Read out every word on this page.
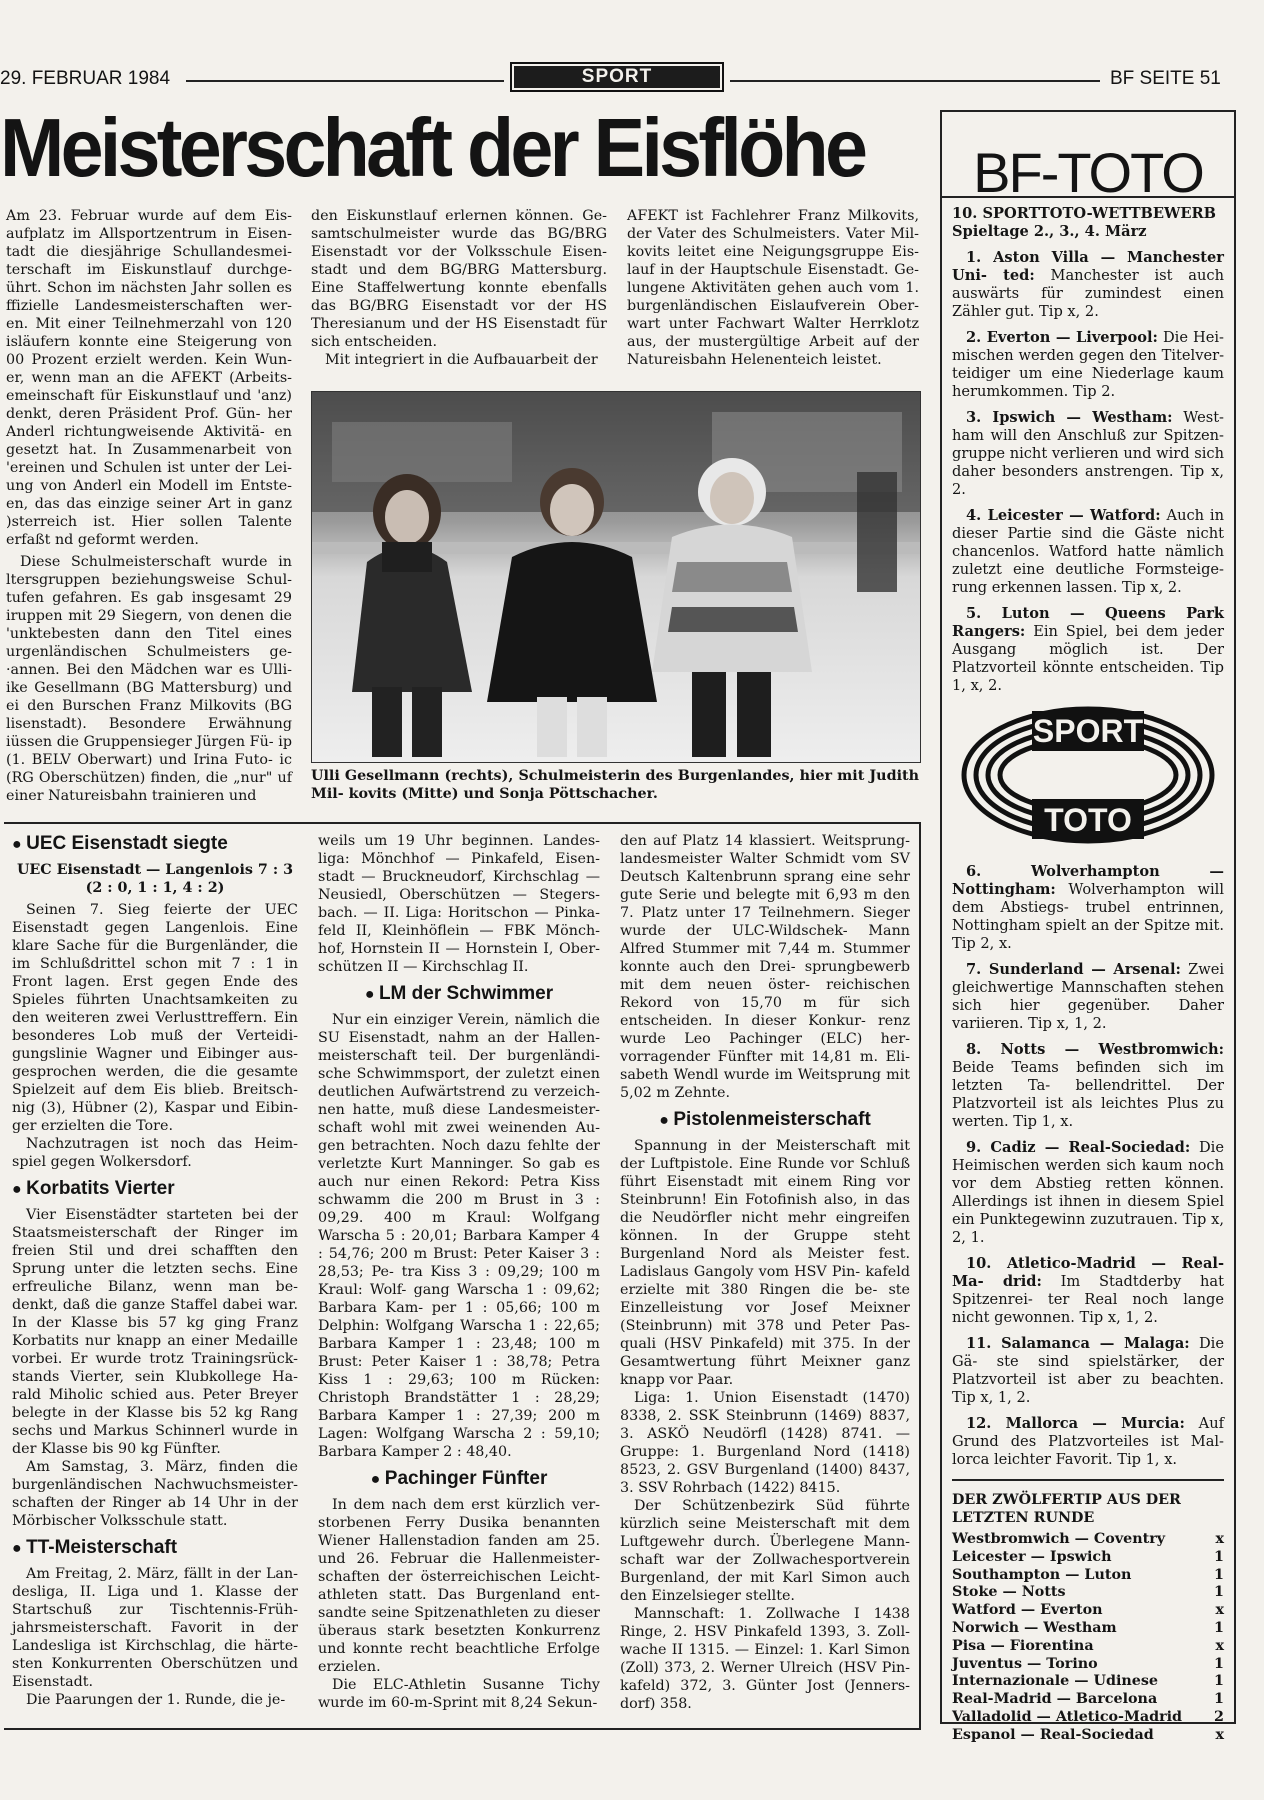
29. FEBRUAR 1984	SPORT	BF SEITE 51
Meisterschaft der Eisflöhe

Am 23. Februar wurde auf dem Eis- aufplatz im Allsportzentrum in Eisen- tadt die diesjährige Schullandesmei- terschaft im Eiskunstlauf durchge- ührt. Schon im nächsten Jahr sollen es ffizielle Landesmeisterschaften wer- en. Mit einer Teilnehmerzahl von 120 isläufern konnte eine Steigerung von 00 Prozent erzielt werden. Kein Wun- er, wenn man an die AFEKT (Arbeits- emeinschaft für Eiskunstlauf und 'anz) denkt, deren Präsident Prof. Gün- her Anderl richtungweisende Aktivitä- en gesetzt hat. In Zusammenarbeit von 'ereinen und Schulen ist unter der Lei- ung von Anderl ein Modell im Entste- en, das das einzige seiner Art in ganz )sterreich ist. Hier sollen Talente erfaßt nd geformt werden.

Diese Schulmeisterschaft wurde in ltersgruppen beziehungsweise Schul- tufen gefahren. Es gab insgesamt 29 iruppen mit 29 Siegern, von denen die 'unktebesten dann den Titel eines urgenländischen Schulmeisters ge- ·annen. Bei den Mädchen war es Ulli- ike Gesellmann (BG Mattersburg) und ei den Burschen Franz Milkovits (BG lisenstadt). Besondere Erwähnung iüssen die Gruppensieger Jürgen Fü- ip (1. BELV Oberwart) und Irina Futo- ic (RG Oberschützen) finden, die „nur" uf einer Natureisbahn trainieren und

den Eiskunstlauf erlernen können. Ge- samtschulmeister wurde das BG/BRG Eisenstadt vor der Volksschule Eisen- stadt und dem BG/BRG Mattersburg. Eine Staffelwertung konnte ebenfalls das BG/BRG Eisenstadt vor der HS Theresianum und der HS Eisenstadt für sich entscheiden.

Mit integriert in die Aufbauarbeit der

AFEKT ist Fachlehrer Franz Milkovits, der Vater des Schulmeisters. Vater Mil- kovits leitet eine Neigungsgruppe Eis- lauf in der Hauptschule Eisenstadt. Ge- lungene Aktivitäten gehen auch vom 1. burgenländischen Eislaufverein Ober- wart unter Fachwart Walter Herrklotz aus, der mustergültige Arbeit auf der Natureisbahn Helenenteich leistet.

Ulli Gesellmann (rechts), Schulmeisterin des Burgenlandes, hier mit Judith Mil- kovits (Mitte) und Sonja Pöttschacher.
● UEC Eisenstadt siegte

UEC Eisenstadt — Langenlois 7 : 3 (2 : 0, 1 : 1, 4 : 2)

Seinen 7. Sieg feierte der UEC Eisenstadt gegen Langenlois. Eine klare Sache für die Burgenländer, die im Schlußdrittel schon mit 7 : 1 in Front lagen. Erst gegen Ende des Spieles führten Unachtsamkeiten zu den weiteren zwei Verlusttreffern. Ein besonderes Lob muß der Verteidi- gungslinie Wagner und Eibinger aus- gesprochen werden, die die gesamte Spielzeit auf dem Eis blieb. Breitsch- nig (3), Hübner (2), Kaspar und Eibin- ger erzielten die Tore.

Nachzutragen ist noch das Heim- spiel gegen Wolkersdorf.

● Korbatits Vierter

Vier Eisenstädter starteten bei der Staatsmeisterschaft der Ringer im freien Stil und drei schafften den Sprung unter die letzten sechs. Eine erfreuliche Bilanz, wenn man be- denkt, daß die ganze Staffel dabei war. In der Klasse bis 57 kg ging Franz Korbatits nur knapp an einer Medaille vorbei. Er wurde trotz Trainingsrück- stands Vierter, sein Klubkollege Ha- rald Miholic schied aus. Peter Breyer belegte in der Klasse bis 52 kg Rang sechs und Markus Schinnerl wurde in der Klasse bis 90 kg Fünfter.

Am Samstag, 3. März, finden die burgenländischen Nachwuchsmeister- schaften der Ringer ab 14 Uhr in der Mörbischer Volksschule statt.

● TT-Meisterschaft

Am Freitag, 2. März, fällt in der Lan- desliga, II. Liga und 1. Klasse der Startschuß zur Tischtennis-Früh- jahrsmeisterschaft. Favorit in der Landesliga ist Kirchschlag, die härte- sten Konkurrenten Oberschützen und Eisenstadt.

Die Paarungen der 1. Runde, die je-

weils um 19 Uhr beginnen. Landes- liga: Mönchhof — Pinkafeld, Eisen- stadt — Bruckneudorf, Kirchschlag — Neusiedl, Oberschützen — Stegers- bach. — II. Liga: Horitschon — Pinka- feld II, Kleinhöflein — FBK Mönch- hof, Hornstein II — Hornstein I, Ober- schützen II — Kirchschlag II.

● LM der Schwimmer

Nur ein einziger Verein, nämlich die SU Eisenstadt, nahm an der Hallen- meisterschaft teil. Der burgenländi- sche Schwimmsport, der zuletzt einen deutlichen Aufwärtstrend zu verzeich- nen hatte, muß diese Landesmeister- schaft wohl mit zwei weinenden Au- gen betrachten. Noch dazu fehlte der verletzte Kurt Manninger. So gab es auch nur einen Rekord: Petra Kiss schwamm die 200 m Brust in 3 : 09,29. 400 m Kraul: Wolfgang Warscha 5 : 20,01; Barbara Kamper 4 : 54,76; 200 m Brust: Peter Kaiser 3 : 28,53; Pe- tra Kiss 3 : 09,29; 100 m Kraul: Wolf- gang Warscha 1 : 09,62; Barbara Kam- per 1 : 05,66; 100 m Delphin: Wolfgang Warscha 1 : 22,65; Barbara Kamper 1 : 23,48; 100 m Brust: Peter Kaiser 1 : 38,78; Petra Kiss 1 : 29,63; 100 m Rücken: Christoph Brandstätter 1 : 28,29; Barbara Kamper 1 : 27,39; 200 m Lagen: Wolfgang Warscha 2 : 59,10; Barbara Kamper 2 : 48,40.

● Pachinger Fünfter

In dem nach dem erst kürzlich ver- storbenen Ferry Dusika benannten Wiener Hallenstadion fanden am 25. und 26. Februar die Hallenmeister- schaften der österreichischen Leicht- athleten statt. Das Burgenland ent- sandte seine Spitzenathleten zu dieser überaus stark besetzten Konkurrenz und konnte recht beachtliche Erfolge erzielen.

Die ELC-Athletin Susanne Tichy wurde im 60-m-Sprint mit 8,24 Sekun-

den auf Platz 14 klassiert. Weitsprung- landesmeister Walter Schmidt vom SV Deutsch Kaltenbrunn sprang eine sehr gute Serie und belegte mit 6,93 m den 7. Platz unter 17 Teilnehmern. Sieger wurde der ULC-Wildschek- Mann Alfred Stummer mit 7,44 m. Stummer konnte auch den Drei- sprungbewerb mit dem neuen öster- reichischen Rekord von 15,70 m für sich entscheiden. In dieser Konkur- renz wurde Leo Pachinger (ELC) her- vorragender Fünfter mit 14,81 m. Eli- sabeth Wendl wurde im Weitsprung mit 5,02 m Zehnte.

● Pistolenmeisterschaft

Spannung in der Meisterschaft mit der Luftpistole. Eine Runde vor Schluß führt Eisenstadt mit einem Ring vor Steinbrunn! Ein Fotofinish also, in das die Neudörfler nicht mehr eingreifen können. In der Gruppe steht Burgenland Nord als Meister fest. Ladislaus Gangoly vom HSV Pin- kafeld erzielte mit 380 Ringen die be- ste Einzelleistung vor Josef Meixner (Steinbrunn) mit 378 und Peter Pas- quali (HSV Pinkafeld) mit 375. In der Gesamtwertung führt Meixner ganz knapp vor Paar.

Liga: 1. Union Eisenstadt (1470) 8338, 2. SSK Steinbrunn (1469) 8837, 3. ASKÖ Neudörfl (1428) 8741. — Gruppe: 1. Burgenland Nord (1418) 8523, 2. GSV Burgenland (1400) 8437, 3. SSV Rohrbach (1422) 8415.

Der Schützenbezirk Süd führte kürzlich seine Meisterschaft mit dem Luftgewehr durch. Überlegene Mann- schaft war der Zollwachesportverein Burgenland, der mit Karl Simon auch den Einzelsieger stellte.

Mannschaft: 1. Zollwache I 1438 Ringe, 2. HSV Pinkafeld 1393, 3. Zoll- wache II 1315. — Einzel: 1. Karl Simon (Zoll) 373, 2. Werner Ulreich (HSV Pin- kafeld) 372, 3. Günter Jost (Jenners- dorf) 358.

BF-TOTO
10. SPORTTOTO-WETTBEWERB
Spieltage 2., 3., 4. März

1. Aston Villa — Manchester Uni- ted: Manchester ist auch auswärts für zumindest einen Zähler gut. Tip x, 2.

2. Everton — Liverpool: Die Hei- mischen werden gegen den Titelver- teidiger um eine Niederlage kaum herumkommen. Tip 2.

3. Ipswich — Westham: West- ham will den Anschluß zur Spitzen- gruppe nicht verlieren und wird sich daher besonders anstrengen. Tip x, 2.

4. Leicester — Watford: Auch in dieser Partie sind die Gäste nicht chancenlos. Watford hatte nämlich zuletzt eine deutliche Formsteige- rung erkennen lassen. Tip x, 2.

5. Luton — Queens Park Rangers: Ein Spiel, bei dem jeder Ausgang möglich ist. Der Platzvorteil könnte entscheiden. Tip 1, x, 2.

SPORT
TOTO

6. Wolverhampton — Nottingham: Wolverhampton will dem Abstiegs- trubel entrinnen, Nottingham spielt an der Spitze mit. Tip 2, x.

7. Sunderland — Arsenal: Zwei gleichwertige Mannschaften stehen sich hier gegenüber. Daher variieren. Tip x, 1, 2.

8. Notts — Westbromwich: Beide Teams befinden sich im letzten Ta- bellendrittel. Der Platzvorteil ist als leichtes Plus zu werten. Tip 1, x.

9. Cadiz — Real-Sociedad: Die Heimischen werden sich kaum noch vor dem Abstieg retten können. Allerdings ist ihnen in diesem Spiel ein Punktegewinn zuzutrauen. Tip x, 2, 1.

10. Atletico-Madrid — Real-Ma- drid: Im Stadtderby hat Spitzenrei- ter Real noch lange nicht gewonnen. Tip x, 1, 2.

11. Salamanca — Malaga: Die Gä- ste sind spielstärker, der Platzvorteil ist aber zu beachten. Tip x, 1, 2.

12. Mallorca — Murcia: Auf Grund des Platzvorteiles ist Mal- lorca leichter Favorit. Tip 1, x.

DER ZWÖLFERTIP AUS DER LETZTEN RUNDE
Westbromwich — Coventry	x
Leicester — Ipswich	1
Southampton — Luton	1
Stoke — Notts	1
Watford — Everton	x
Norwich — Westham	1
Pisa — Fiorentina	x
Juventus — Torino	1
Internazionale — Udinese	1
Real-Madrid — Barcelona	1
Valladolid — Atletico-Madrid 2
Espanol — Real-Sociedad	x
